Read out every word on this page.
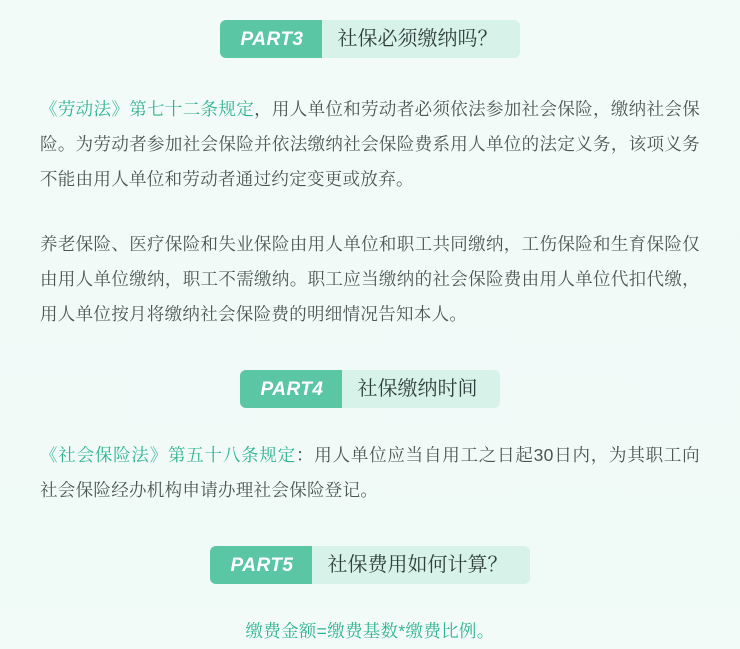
PART3	社保必须缴纳吗？

《劳动法》第七十二条规定，用人单位和劳动者必须依法参加社会保险，缴纳社会保险。为劳动者参加社会保险并依法缴纳社会保险费系用人单位的法定义务，该项义务不能由用人单位和劳动者通过约定变更或放弃。

养老保险、医疗保险和失业保险由用人单位和职工共同缴纳，工伤保险和生育保险仅由用人单位缴纳，职工不需缴纳。职工应当缴纳的社会保险费由用人单位代扣代缴，用人单位按月将缴纳社会保险费的明细情况告知本人。

PART4	社保缴纳时间

《社会保险法》第五十八条规定：用人单位应当自用工之日起30日内，为其职工向社会保险经办机构申请办理社会保险登记。

PART5	社保费用如何计算？

缴费金额=缴费基数*缴费比例。
